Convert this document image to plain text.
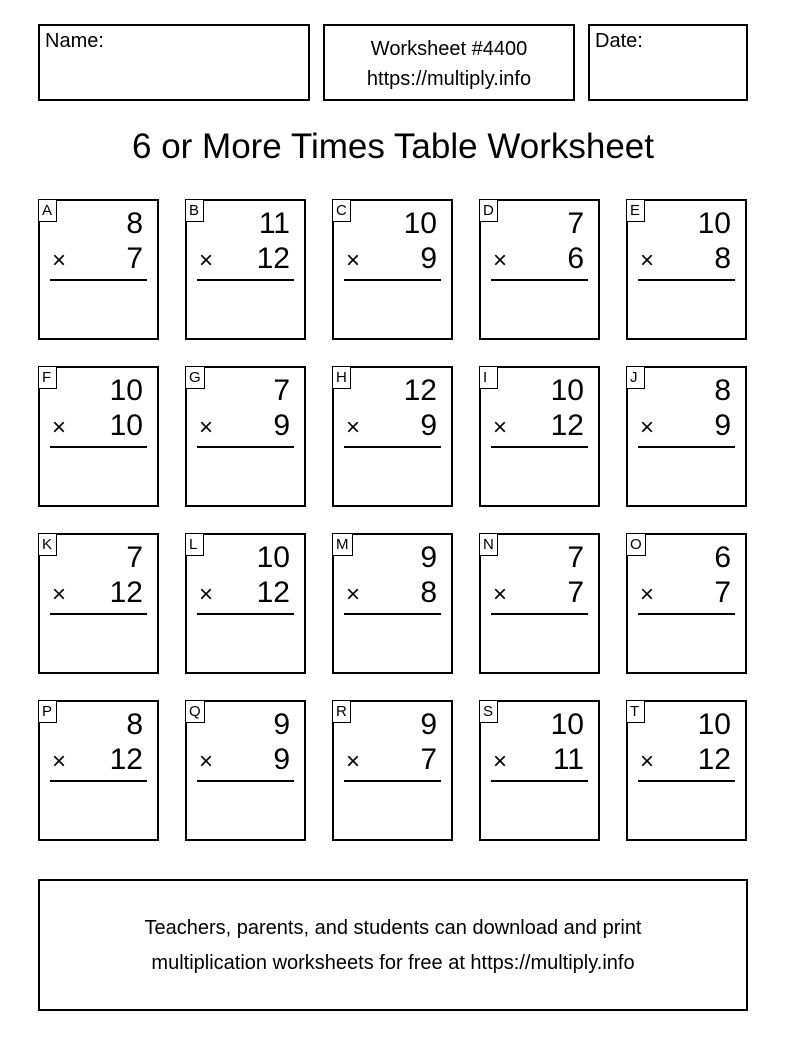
Name:	Worksheet #4400
https://multiply.info
Date:
6 or More Times Table Worksheet
A 8
× 7
B 11
× 12
C 10
× 9
D 7
× 6
E 10
× 8
F 10
× 10
G 7
× 9
H 12
× 9
I	10
× 12
J	8
× 9
K 7
× 12
L 10
× 12
M 9
× 8
N 7
× 7
O 6
× 7
P 8
× 12
Q 9
× 9
R 9
× 7
S 10
× 11
T 10
× 12
Teachers, parents, and students can download and print
multiplication worksheets for free at https://multiply.info
